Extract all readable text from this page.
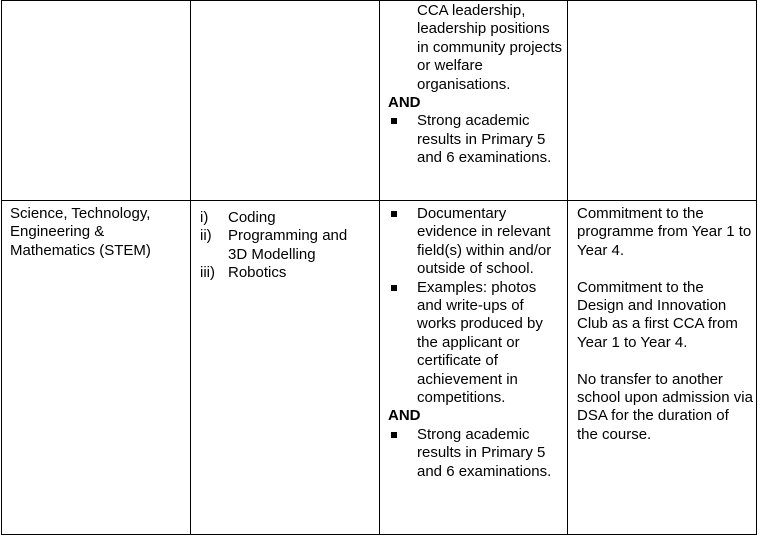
CCA leadership, leadership positions in community projects or welfare organisations.
AND
Strong academic results in Primary 5 and 6 examinations.
Science, Technology, Engineering & Mathematics (STEM)
i) Coding
ii) Programming and 3D Modelling
iii) Robotics
Documentary evidence in relevant field(s) within and/or outside of school.
Examples: photos and write-ups of works produced by the applicant or certificate of achievement in competitions.
AND
Strong academic results in Primary 5 and 6 examinations.
Commitment to the programme from Year 1 to Year 4.
Commitment to the Design and Innovation Club as a first CCA from Year 1 to Year 4.
No transfer to another school upon admission via DSA for the duration of the course.
